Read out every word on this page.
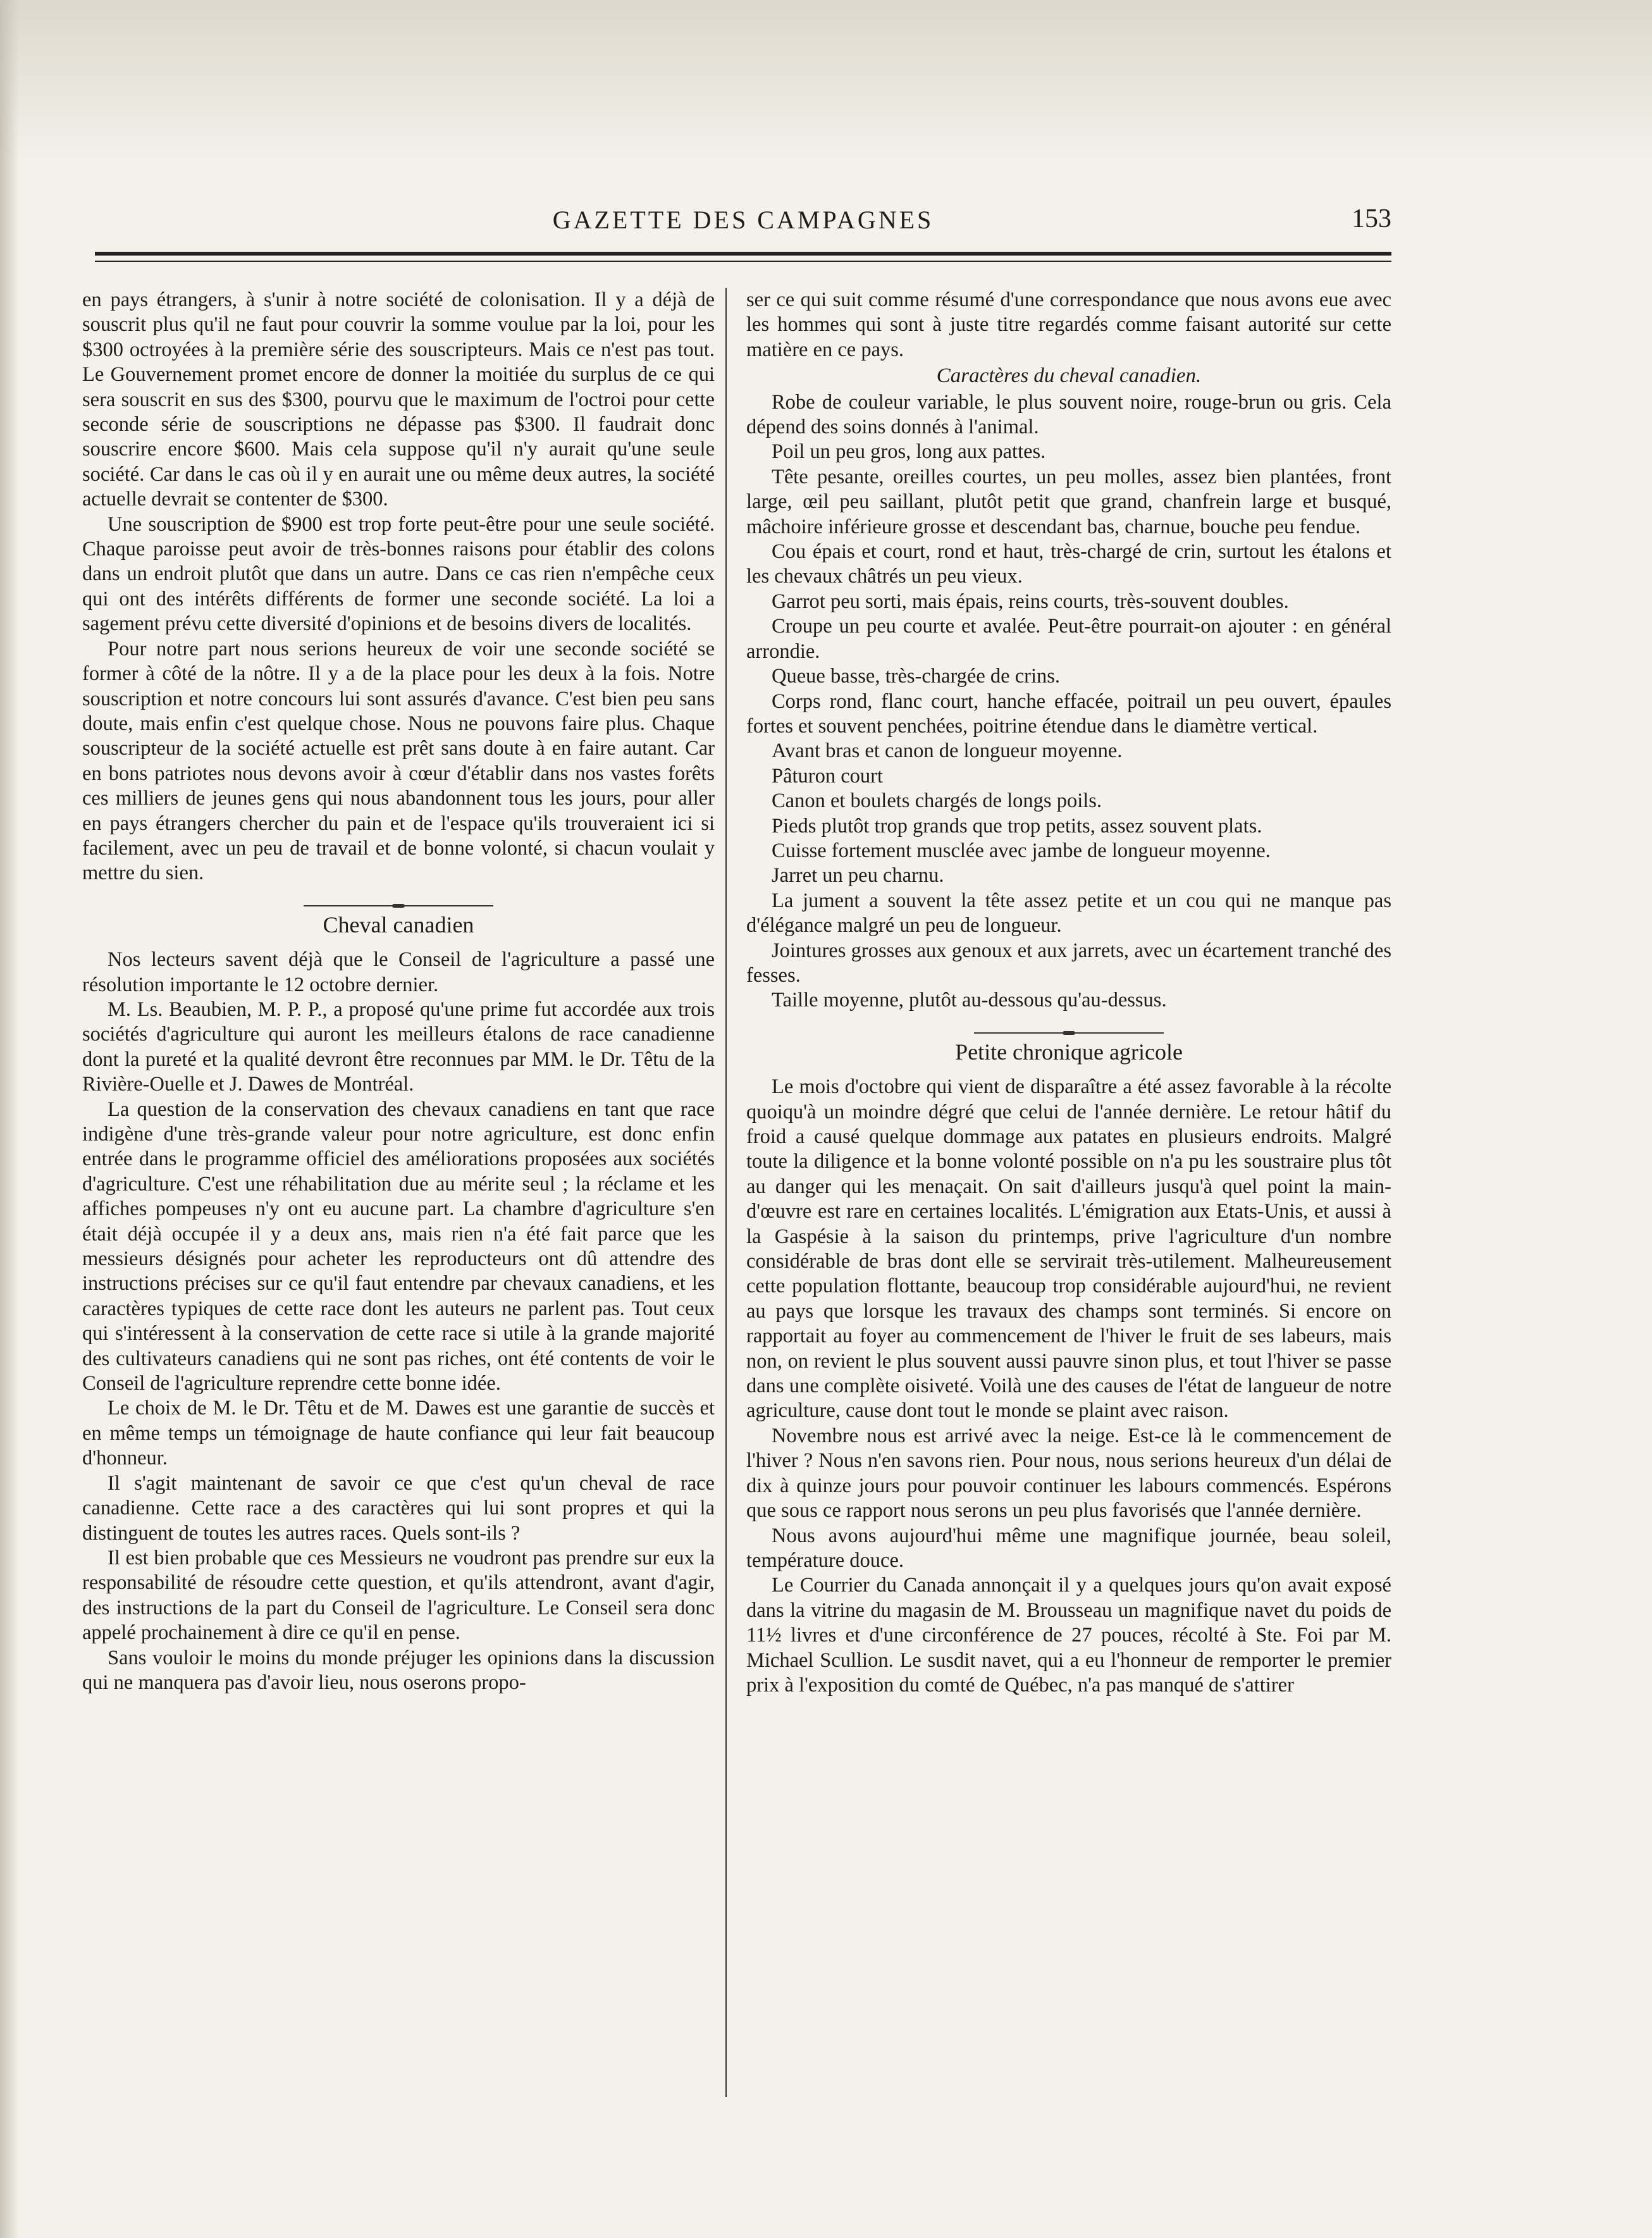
GAZETTE DES CAMPAGNES	153

en pays étrangers, à s'unir à notre société de colonisation. Il y a déjà de souscrit plus qu'il ne faut pour couvrir la somme voulue par la loi, pour les $300 octroyées à la première série des souscripteurs. Mais ce n'est pas tout. Le Gouvernement promet encore de donner la moitiée du surplus de ce qui sera souscrit en sus des $300, pourvu que le maximum de l'octroi pour cette seconde série de souscriptions ne dépasse pas $300. Il faudrait donc souscrire encore $600. Mais cela suppose qu'il n'y aurait qu'une seule société. Car dans le cas où il y en aurait une ou même deux autres, la société actuelle devrait se contenter de $300.

Une souscription de $900 est trop forte peut-être pour une seule société. Chaque paroisse peut avoir de très-bonnes raisons pour établir des colons dans un endroit plutôt que dans un autre. Dans ce cas rien n'empêche ceux qui ont des intérêts différents de former une seconde société. La loi a sagement prévu cette diversité d'opinions et de besoins divers de localités.

Pour notre part nous serions heureux de voir une seconde société se former à côté de la nôtre. Il y a de la place pour les deux à la fois. Notre souscription et notre concours lui sont assurés d'avance. C'est bien peu sans doute, mais enfin c'est quelque chose. Nous ne pouvons faire plus. Chaque souscripteur de la société actuelle est prêt sans doute à en faire autant. Car en bons patriotes nous devons avoir à cœur d'établir dans nos vastes forêts ces milliers de jeunes gens qui nous abandonnent tous les jours, pour aller en pays étrangers chercher du pain et de l'espace qu'ils trouveraient ici si facilement, avec un peu de travail et de bonne volonté, si chacun voulait y mettre du sien.

Cheval canadien

Nos lecteurs savent déjà que le Conseil de l'agriculture a passé une résolution importante le 12 octobre dernier.

M. Ls. Beaubien, M. P. P., a proposé qu'une prime fut accordée aux trois sociétés d'agriculture qui auront les meilleurs étalons de race canadienne dont la pureté et la qualité devront être reconnues par MM. le Dr. Têtu de la Rivière-Ouelle et J. Dawes de Montréal.

La question de la conservation des chevaux canadiens en tant que race indigène d'une très-grande valeur pour notre agriculture, est donc enfin entrée dans le programme officiel des améliorations proposées aux sociétés d'agriculture. C'est une réhabilitation due au mérite seul ; la réclame et les affiches pompeuses n'y ont eu aucune part. La chambre d'agriculture s'en était déjà occupée il y a deux ans, mais rien n'a été fait parce que les messieurs désignés pour acheter les reproducteurs ont dû attendre des instructions précises sur ce qu'il faut entendre par chevaux canadiens, et les caractères typiques de cette race dont les auteurs ne parlent pas. Tout ceux qui s'intéressent à la conservation de cette race si utile à la grande majorité des cultivateurs canadiens qui ne sont pas riches, ont été contents de voir le Conseil de l'agriculture reprendre cette bonne idée.

Le choix de M. le Dr. Têtu et de M. Dawes est une garantie de succès et en même temps un témoignage de haute confiance qui leur fait beaucoup d'honneur.

Il s'agit maintenant de savoir ce que c'est qu'un cheval de race canadienne. Cette race a des caractères qui lui sont propres et qui la distinguent de toutes les autres races. Quels sont-ils ?

Il est bien probable que ces Messieurs ne voudront pas prendre sur eux la responsabilité de résoudre cette question, et qu'ils attendront, avant d'agir, des instructions de la part du Conseil de l'agriculture. Le Conseil sera donc appelé prochainement à dire ce qu'il en pense.

Sans vouloir le moins du monde préjuger les opinions dans la discussion qui ne manquera pas d'avoir lieu, nous oserons propo-

ser ce qui suit comme résumé d'une correspondance que nous avons eue avec les hommes qui sont à juste titre regardés comme faisant autorité sur cette matière en ce pays.

Caractères du cheval canadien.

Robe de couleur variable, le plus souvent noire, rouge-brun ou gris. Cela dépend des soins donnés à l'animal.

Poil un peu gros, long aux pattes.

Tête pesante, oreilles courtes, un peu molles, assez bien plantées, front large, œil peu saillant, plutôt petit que grand, chanfrein large et busqué, mâchoire inférieure grosse et descendant bas, charnue, bouche peu fendue.

Cou épais et court, rond et haut, très-chargé de crin, surtout les étalons et les chevaux châtrés un peu vieux.

Garrot peu sorti, mais épais, reins courts, très-souvent doubles.

Croupe un peu courte et avalée. Peut-être pourrait-on ajouter : en général arrondie.

Queue basse, très-chargée de crins.

Corps rond, flanc court, hanche effacée, poitrail un peu ouvert, épaules fortes et souvent penchées, poitrine étendue dans le diamètre vertical.

Avant bras et canon de longueur moyenne.

Pâturon court

Canon et boulets chargés de longs poils.

Pieds plutôt trop grands que trop petits, assez souvent plats.

Cuisse fortement musclée avec jambe de longueur moyenne.

Jarret un peu charnu.

La jument a souvent la tête assez petite et un cou qui ne manque pas d'élégance malgré un peu de longueur.

Jointures grosses aux genoux et aux jarrets, avec un écartement tranché des fesses.

Taille moyenne, plutôt au-dessous qu'au-dessus.

Petite chronique agricole

Le mois d'octobre qui vient de disparaître a été assez favorable à la récolte quoiqu'à un moindre dégré que celui de l'année dernière. Le retour hâtif du froid a causé quelque dommage aux patates en plusieurs endroits. Malgré toute la diligence et la bonne volonté possible on n'a pu les soustraire plus tôt au danger qui les menaçait. On sait d'ailleurs jusqu'à quel point la main-d'œuvre est rare en certaines localités. L'émigration aux Etats-Unis, et aussi à la Gaspésie à la saison du printemps, prive l'agriculture d'un nombre considérable de bras dont elle se servirait très-utilement. Malheureusement cette population flottante, beaucoup trop considérable aujourd'hui, ne revient au pays que lorsque les travaux des champs sont terminés. Si encore on rapportait au foyer au commencement de l'hiver le fruit de ses labeurs, mais non, on revient le plus souvent aussi pauvre sinon plus, et tout l'hiver se passe dans une complète oisiveté. Voilà une des causes de l'état de langueur de notre agriculture, cause dont tout le monde se plaint avec raison.

Novembre nous est arrivé avec la neige. Est-ce là le commencement de l'hiver ? Nous n'en savons rien. Pour nous, nous serions heureux d'un délai de dix à quinze jours pour pouvoir continuer les labours commencés. Espérons que sous ce rapport nous serons un peu plus favorisés que l'année dernière.

Nous avons aujourd'hui même une magnifique journée, beau soleil, température douce.

Le Courrier du Canada annonçait il y a quelques jours qu'on avait exposé dans la vitrine du magasin de M. Brousseau un magnifique navet du poids de 11½ livres et d'une circonférence de 27 pouces, récolté à Ste. Foi par M. Michael Scullion. Le susdit navet, qui a eu l'honneur de remporter le premier prix à l'exposition du comté de Québec, n'a pas manqué de s'attirer
